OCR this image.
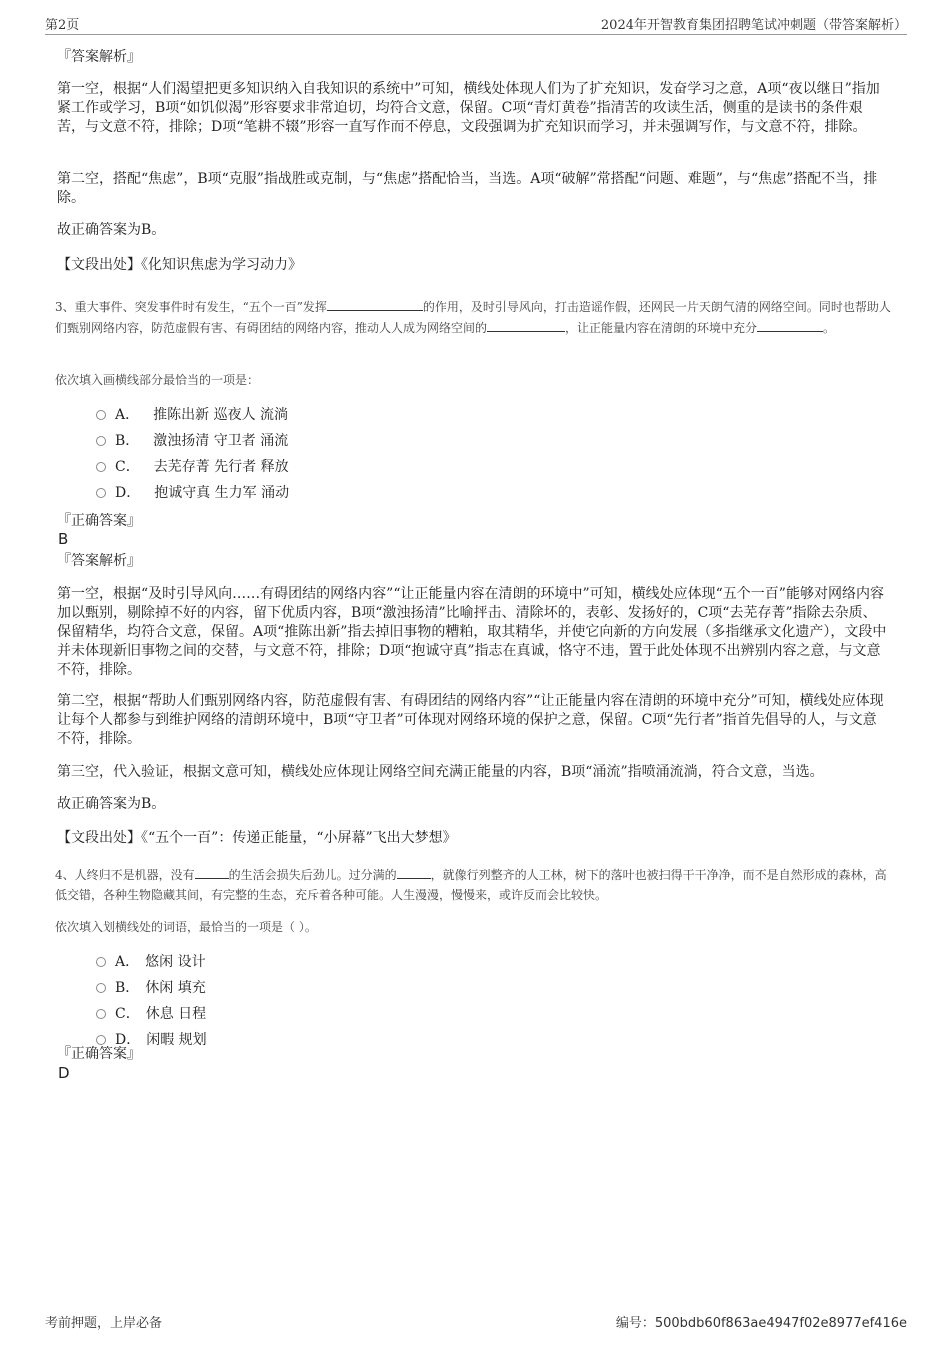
第2页	2024年开智教育集团招聘笔试冲刺题（带答案解析）
『答案解析』
第一空，根据“人们渴望把更多知识纳入自我知识的系统中”可知，横线处体现人们为了扩充知识，发奋学习之意，A项“夜以继日”指加紧工作或学习，B项“如饥似渴”形容要求非常迫切，均符合文意，保留。C项“青灯黄卷”指清苦的攻读生活，侧重的是读书的条件艰苦，与文意不符，排除；D项“笔耕不辍”形容一直写作而不停息，文段强调为扩充知识而学习，并未强调写作，与文意不符，排除。
第二空，搭配“焦虑”，B项“克服”指战胜或克制，与“焦虑”搭配恰当，当选。A项“破解”常搭配“问题、难题”，与“焦虑”搭配不当，排除。
故正确答案为B。
【文段出处】《化知识焦虑为学习动力》
3、重大事件、突发事件时有发生，“五个一百”发挥	的作用，及时引导风向，打击造谣作假，还网民一片天朗气清的网络空间。同时也帮助人们甄别网络内容，防范虚假有害、有碍团结的网络内容，推动人人成为网络空间的	，让正能量内容在清朗的环境中充分	。
依次填入画横线部分最恰当的一项是：
A． 推陈出新 巡夜人 流淌
B． 激浊扬清 守卫者 涌流
C． 去芜存菁 先行者 释放
D． 抱诚守真 生力军 涌动
『正确答案』
B
『答案解析』
第一空，根据“及时引导风向……有碍团结的网络内容”“让正能量内容在清朗的环境中”可知，横线处应体现“五个一百”能够对网络内容加以甄别，剔除掉不好的内容，留下优质内容，B项“激浊扬清”比喻抨击、清除坏的，表彰、发扬好的，C项“去芜存菁”指除去杂质、保留精华，均符合文意，保留。A项“推陈出新”指去掉旧事物的糟粕，取其精华，并使它向新的方向发展（多指继承文化遗产），文段中并未体现新旧事物之间的交替，与文意不符，排除；D项“抱诚守真”指志在真诚，恪守不违，置于此处体现不出辨别内容之意，与文意不符，排除。
第二空，根据“帮助人们甄别网络内容，防范虚假有害、有碍团结的网络内容”“让正能量内容在清朗的环境中充分”可知，横线处应体现让每个人都参与到维护网络的清朗环境中，B项“守卫者”可体现对网络环境的保护之意，保留。C项“先行者”指首先倡导的人，与文意不符，排除。
第三空，代入验证，根据文意可知，横线处应体现让网络空间充满正能量的内容，B项“涌流”指喷涌流淌，符合文意，当选。
故正确答案为B。
【文段出处】《“五个一百”：传递正能量，“小屏幕”飞出大梦想》
4、人终归不是机器，没有	的生活会损失后劲儿。过分满的	，就像行列整齐的人工林，树下的落叶也被扫得干干净净，而不是自然形成的森林，高低交错，各种生物隐藏其间，有完整的生态，充斥着各种可能。人生漫漫，慢慢来，或许反而会比较快。
依次填入划横线处的词语，最恰当的一项是（ ）。
A． 悠闲 设计
B． 休闲 填充
C． 休息 日程
D． 闲暇 规划
『正确答案』
D
考前押题，上岸必备	编号：500bdb60f863ae4947f02e8977ef416e
